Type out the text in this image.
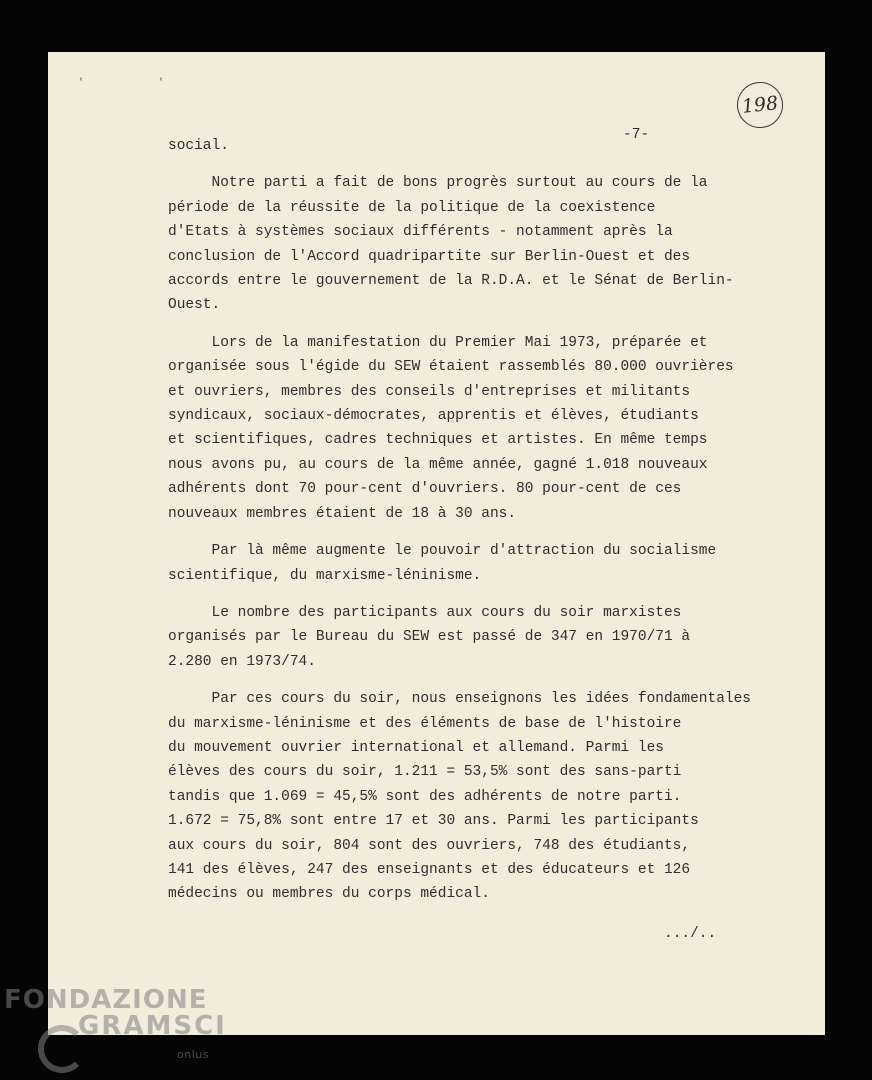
' '
198
-7-
social.
Notre parti a fait de bons progrès surtout au cours de la
période de la réussite de la politique de la coexistence
d'Etats à systèmes sociaux différents - notamment après la
conclusion de l'Accord quadripartite sur Berlin-Ouest et des
accords entre le gouvernement de la R.D.A. et le Sénat de Berlin-
Ouest.
Lors de la manifestation du Premier Mai 1973, préparée et
organisée sous l'égide du SEW étaient rassemblés 80.000 ouvrières
et ouvriers, membres des conseils d'entreprises et militants
syndicaux, sociaux-démocrates, apprentis et élèves, étudiants
et scientifiques, cadres techniques et artistes. En même temps
nous avons pu, au cours de la même année, gagné 1.018 nouveaux
adhérents dont 70 pour-cent d'ouvriers. 80 pour-cent de ces
nouveaux membres étaient de 18 à 30 ans.
Par là même augmente le pouvoir d'attraction du socialisme
scientifique, du marxisme-léninisme.
Le nombre des participants aux cours du soir marxistes
organisés par le Bureau du SEW est passé de 347 en 1970/71 à
2.280 en 1973/74.
Par ces cours du soir, nous enseignons les idées fondamentales
du marxisme-léninisme et des éléments de base de l'histoire
du mouvement ouvrier international et allemand. Parmi les
élèves des cours du soir, 1.211 = 53,5% sont des sans-parti
tandis que 1.069 = 45,5% sont des adhérents de notre parti.
1.672 = 75,8% sont entre 17 et 30 ans. Parmi les participants
aux cours du soir, 804 sont des ouvriers, 748 des étudiants,
141 des élèves, 247 des enseignants et des éducateurs et 126
médecins ou membres du corps médical.
.../..
FONDAZIONE
GRAMSCI
onlus
